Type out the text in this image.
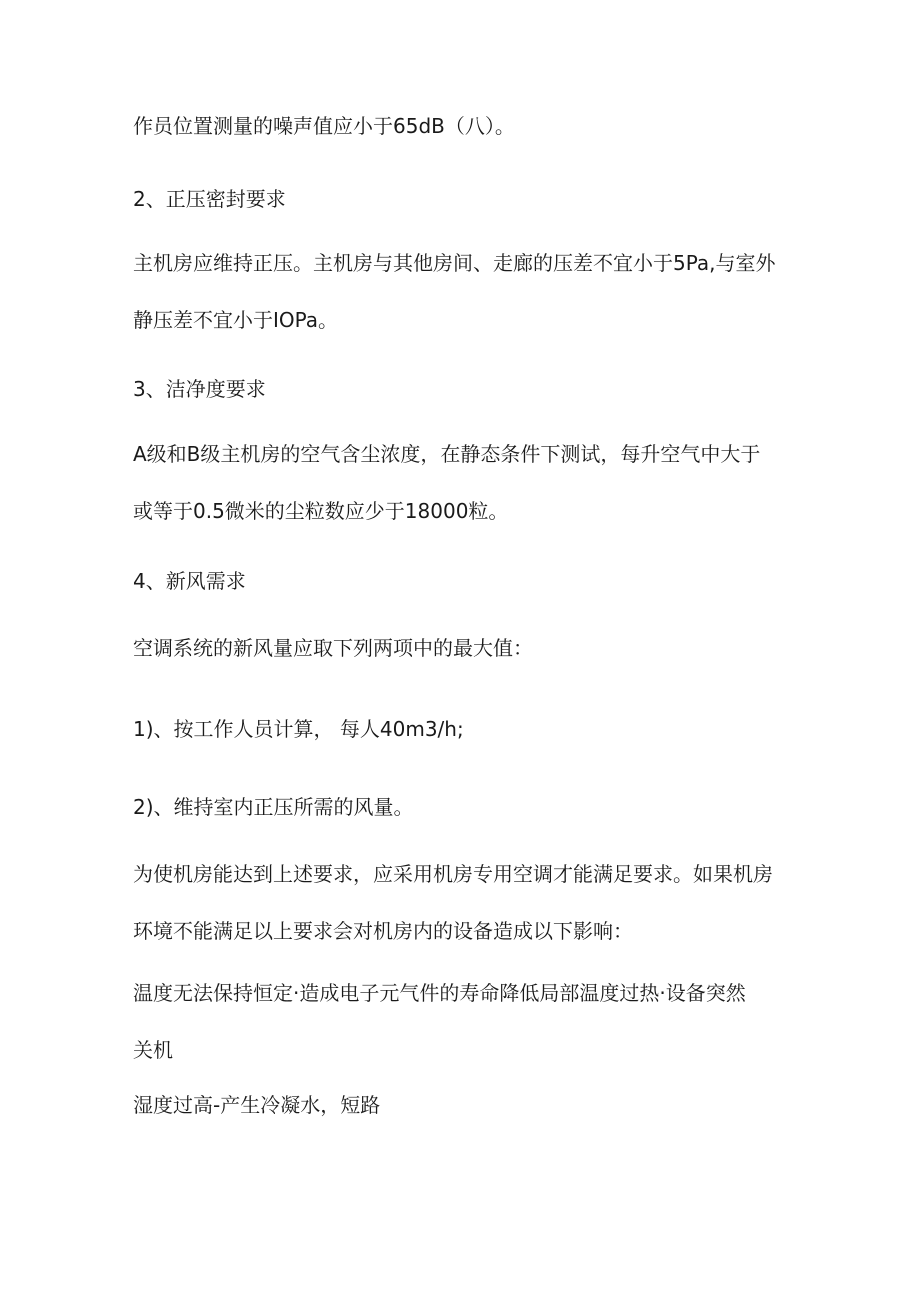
作员位置测量的噪声值应小于65dB（八）。

2、正压密封要求

主机房应维持正压。主机房与其他房间、走廊的压差不宜小于5Pa,与室外
静压差不宜小于IOPa。

3、洁净度要求

A级和B级主机房的空气含尘浓度，在静态条件下测试，每升空气中大于
或等于0.5微米的尘粒数应少于18000粒。

4、新风需求

空调系统的新风量应取下列两项中的最大值：

1)、按工作人员计算， 每人40m3/h;

2)、维持室内正压所需的风量。

为使机房能达到上述要求，应采用机房专用空调才能满足要求。如果机房
环境不能满足以上要求会对机房内的设备造成以下影响：

温度无法保持恒定·造成电子元气件的寿命降低局部温度过热·设备突然
关机

湿度过高-产生冷凝水，短路
